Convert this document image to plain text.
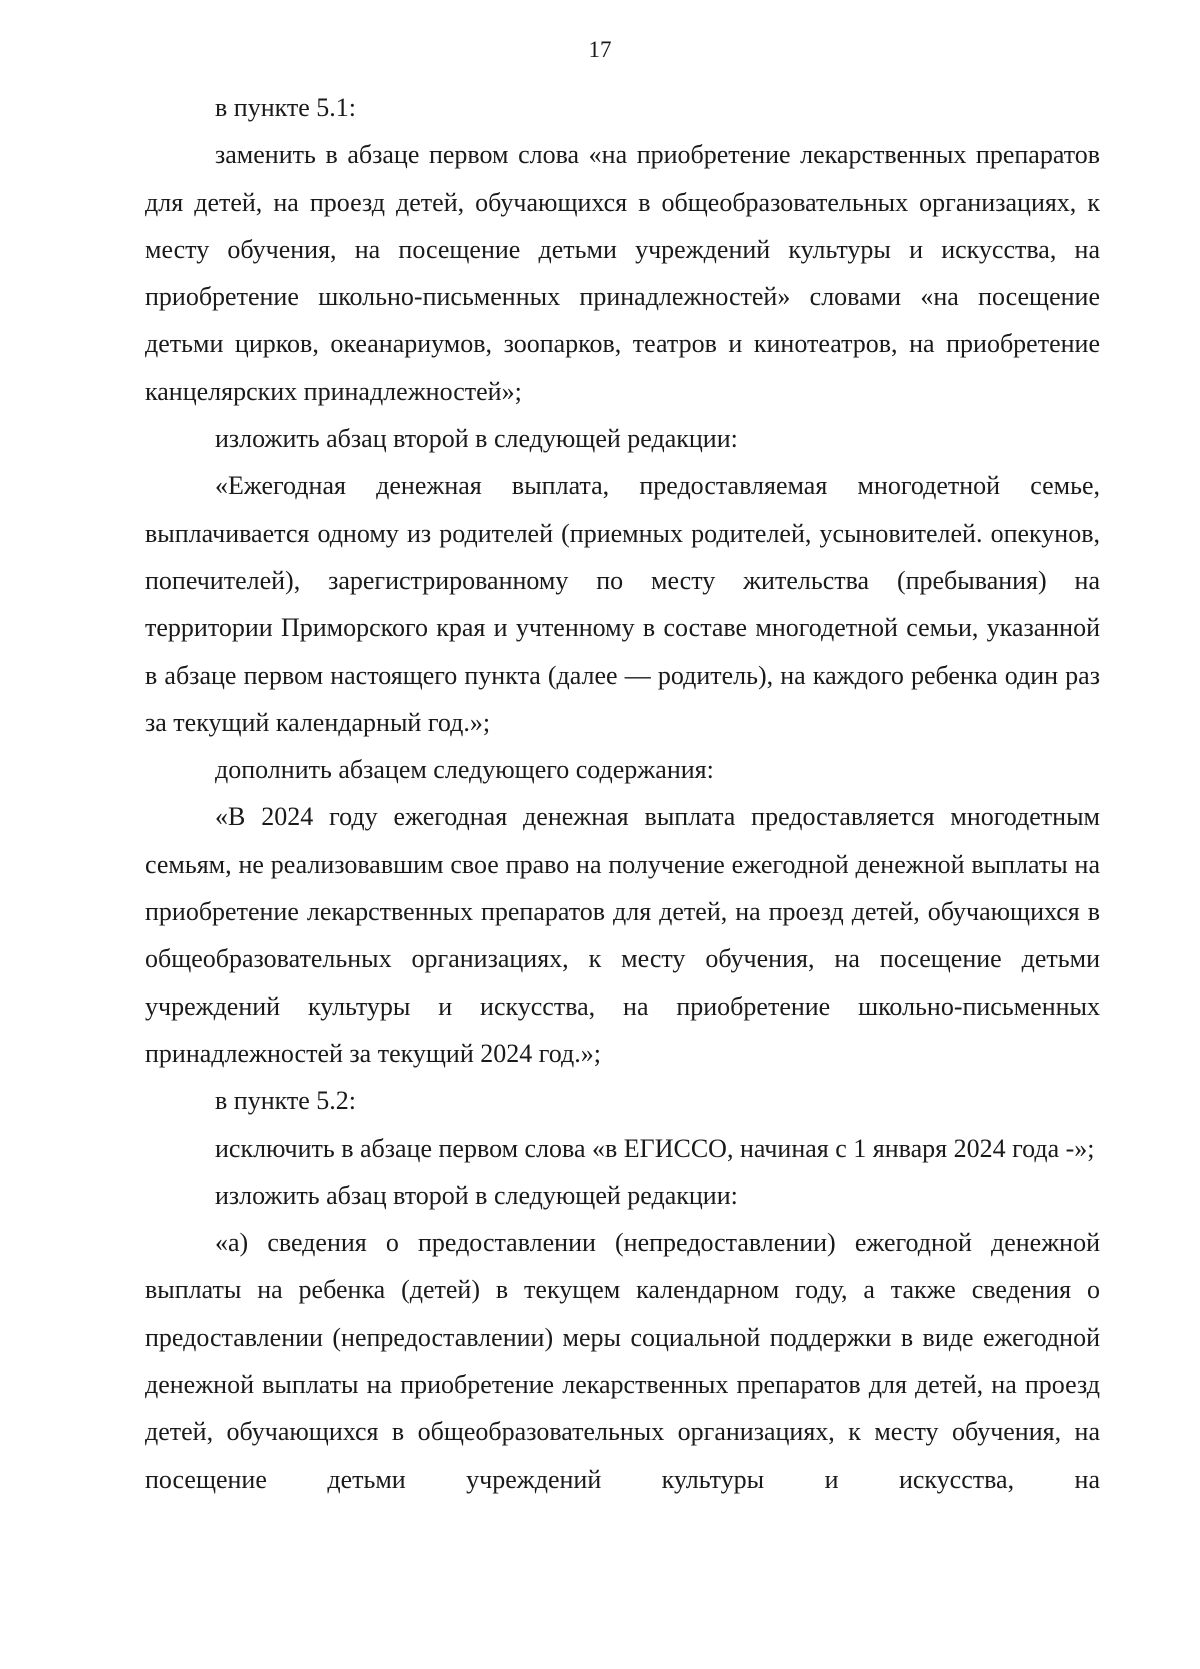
17

в пункте 5.1:

заменить в абзаце первом слова «на приобретение лекарственных препаратов для детей, на проезд детей, обучающихся в общеобразовательных организациях, к месту обучения, на посещение детьми учреждений культуры и искусства, на приобретение школьно-письменных принадлежностей» словами «на посещение детьми цирков, океанариумов, зоопарков, театров и кинотеатров, на приобретение канцелярских принадлежностей»;

изложить абзац второй в следующей редакции:

«Ежегодная денежная выплата, предоставляемая многодетной семье, выплачивается одному из родителей (приемных родителей, усыновителей. опекунов, попечителей), зарегистрированному по месту жительства (пребывания) на территории Приморского края и учтенному в составе многодетной семьи, указанной в абзаце первом настоящего пункта (далее — родитель), на каждого ребенка один раз за текущий календарный год.»;

дополнить абзацем следующего содержания:

«В 2024 году ежегодная денежная выплата предоставляется многодетным семьям, не реализовавшим свое право на получение ежегодной денежной выплаты на приобретение лекарственных препаратов для детей, на проезд детей, обучающихся в общеобразовательных организациях, к месту обучения, на посещение детьми учреждений культуры и искусства, на приобретение школьно-письменных принадлежностей за текущий 2024 год.»;

в пункте 5.2:

исключить в абзаце первом слова «в ЕГИССО, начиная с 1 января 2024 года -»;

изложить абзац второй в следующей редакции:

«а) сведения о предоставлении (непредоставлении) ежегодной денежной выплаты на ребенка (детей) в текущем календарном году, а также сведения о предоставлении (непредоставлении) меры социальной поддержки в виде ежегодной денежной выплаты на приобретение лекарственных препаратов для детей, на проезд детей, обучающихся в общеобразовательных организациях, к месту обучения, на посещение детьми учреждений культуры и искусства, на
